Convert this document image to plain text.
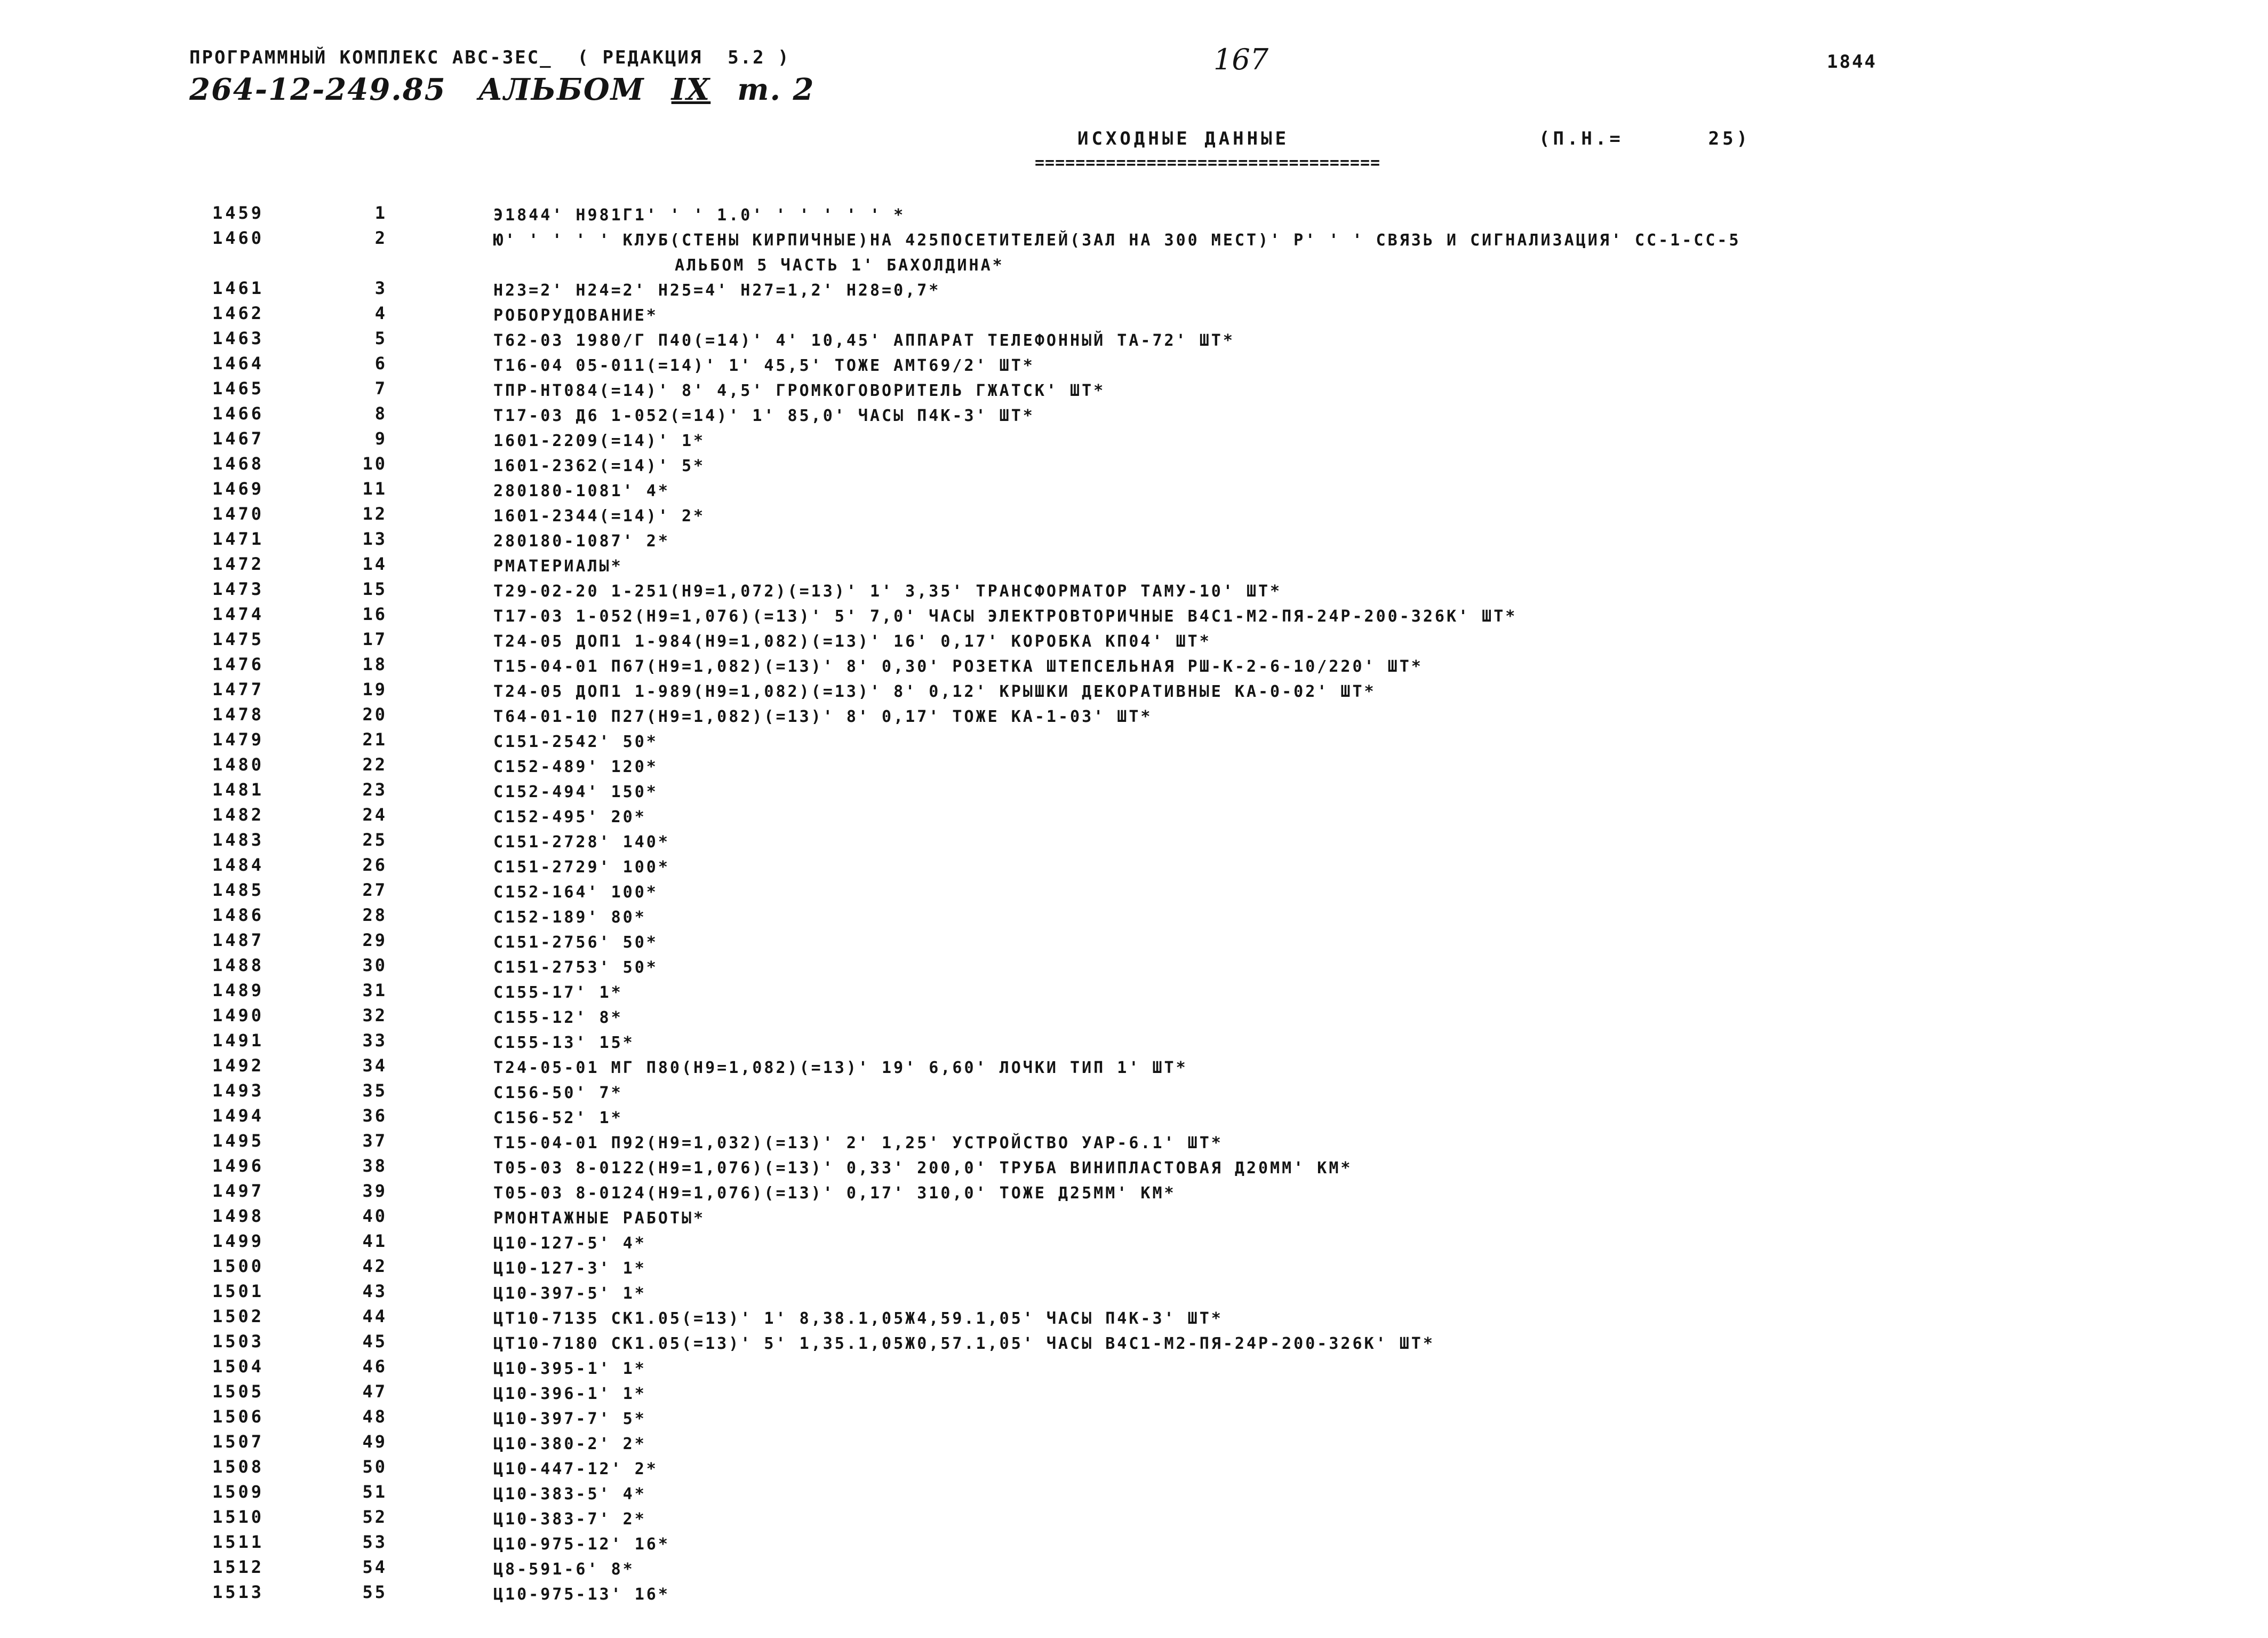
ПРОГРАММНЫЙ КОМПЛЕКС АВС-ЗЕС_  ( РЕДАКЦИЯ  5.2 )	167	1844
264-12-249.85 АЛЬБОМ IX т. 2
ИСХОДНЫЕ ДАННЫЕ	(П.Н.=      25)
==================================
1459	1	Э1844' Н981Г1' ' ' 1.0' ' ' ' ' ' *
1460	2	Ю' ' ' ' ' КЛУБ(СТЕНЫ КИРПИЧНЫЕ)НА 425ПОСЕТИТЕЛЕЙ(ЗАЛ НА 300 МЕСТ)' Р' ' ' СВЯЗЬ И СИГНАЛИЗАЦИЯ' СС-1-СС-5
АЛЬБОМ 5 ЧАСТЬ 1' БАХОЛДИНА*
1461	3	Н23=2' Н24=2' Н25=4' Н27=1,2' Н28=0,7*
1462	4	РОБОРУДОВАНИЕ*
1463	5	Т62-03 1980/Г П40(=14)' 4' 10,45' АППАРАТ ТЕЛЕФОННЫЙ ТА-72' ШТ*
1464	6	Т16-04 05-011(=14)' 1' 45,5' ТОЖЕ АМТ69/2' ШТ*
1465	7	ТПР-НТ084(=14)' 8' 4,5' ГРОМКОГОВОРИТЕЛЬ ГЖАТСК' ШТ*
1466	8	Т17-03 Д6 1-052(=14)' 1' 85,0' ЧАСЫ П4К-3' ШТ*
1467	9	1601-2209(=14)' 1*
1468	10	1601-2362(=14)' 5*
1469	11	280180-1081' 4*
1470	12	1601-2344(=14)' 2*
1471	13	280180-1087' 2*
1472	14	РМАТЕРИАЛЫ*
1473	15	Т29-02-20 1-251(Н9=1,072)(=13)' 1' 3,35' ТРАНСФОРМАТОР ТАМУ-10' ШТ*
1474	16	Т17-03 1-052(Н9=1,076)(=13)' 5' 7,0' ЧАСЫ ЭЛЕКТРОВТОРИЧНЫЕ В4С1-М2-ПЯ-24Р-200-326К' ШТ*
1475	17	Т24-05 ДОП1 1-984(Н9=1,082)(=13)' 16' 0,17' КОРОБКА КП04' ШТ*
1476	18	Т15-04-01 П67(Н9=1,082)(=13)' 8' 0,30' РОЗЕТКА ШТЕПСЕЛЬНАЯ РШ-К-2-6-10/220' ШТ*
1477	19	Т24-05 ДОП1 1-989(Н9=1,082)(=13)' 8' 0,12' КРЫШКИ ДЕКОРАТИВНЫЕ КА-0-02' ШТ*
1478	20	Т64-01-10 П27(Н9=1,082)(=13)' 8' 0,17' ТОЖЕ КА-1-03' ШТ*
1479	21	С151-2542' 50*
1480	22	С152-489' 120*
1481	23	С152-494' 150*
1482	24	С152-495' 20*
1483	25	С151-2728' 140*
1484	26	С151-2729' 100*
1485	27	С152-164' 100*
1486	28	С152-189' 80*
1487	29	С151-2756' 50*
1488	30	С151-2753' 50*
1489	31	С155-17' 1*
1490	32	С155-12' 8*
1491	33	С155-13' 15*
1492	34	Т24-05-01 МГ П80(Н9=1,082)(=13)' 19' 6,60' ЛОЧКИ ТИП 1' ШТ*
1493	35	С156-50' 7*
1494	36	С156-52' 1*
1495	37	Т15-04-01 П92(Н9=1,032)(=13)' 2' 1,25' УСТРОЙСТВО УАР-6.1' ШТ*
1496	38	Т05-03 8-0122(Н9=1,076)(=13)' 0,33' 200,0' ТРУБА ВИНИПЛАСТОВАЯ Д20ММ' КМ*
1497	39	Т05-03 8-0124(Н9=1,076)(=13)' 0,17' 310,0' ТОЖЕ Д25ММ' КМ*
1498	40	РМОНТАЖНЫЕ РАБОТЫ*
1499	41	Ц10-127-5' 4*
1500	42	Ц10-127-3' 1*
1501	43	Ц10-397-5' 1*
1502	44	ЦТ10-7135 СК1.05(=13)' 1' 8,38.1,05Ж4,59.1,05' ЧАСЫ П4К-3' ШТ*
1503	45	ЦТ10-7180 СК1.05(=13)' 5' 1,35.1,05Ж0,57.1,05' ЧАСЫ В4С1-М2-ПЯ-24Р-200-326К' ШТ*
1504	46	Ц10-395-1' 1*
1505	47	Ц10-396-1' 1*
1506	48	Ц10-397-7' 5*
1507	49	Ц10-380-2' 2*
1508	50	Ц10-447-12' 2*
1509	51	Ц10-383-5' 4*
1510	52	Ц10-383-7' 2*
1511	53	Ц10-975-12' 16*
1512	54	Ц8-591-6' 8*
1513	55	Ц10-975-13' 16*
